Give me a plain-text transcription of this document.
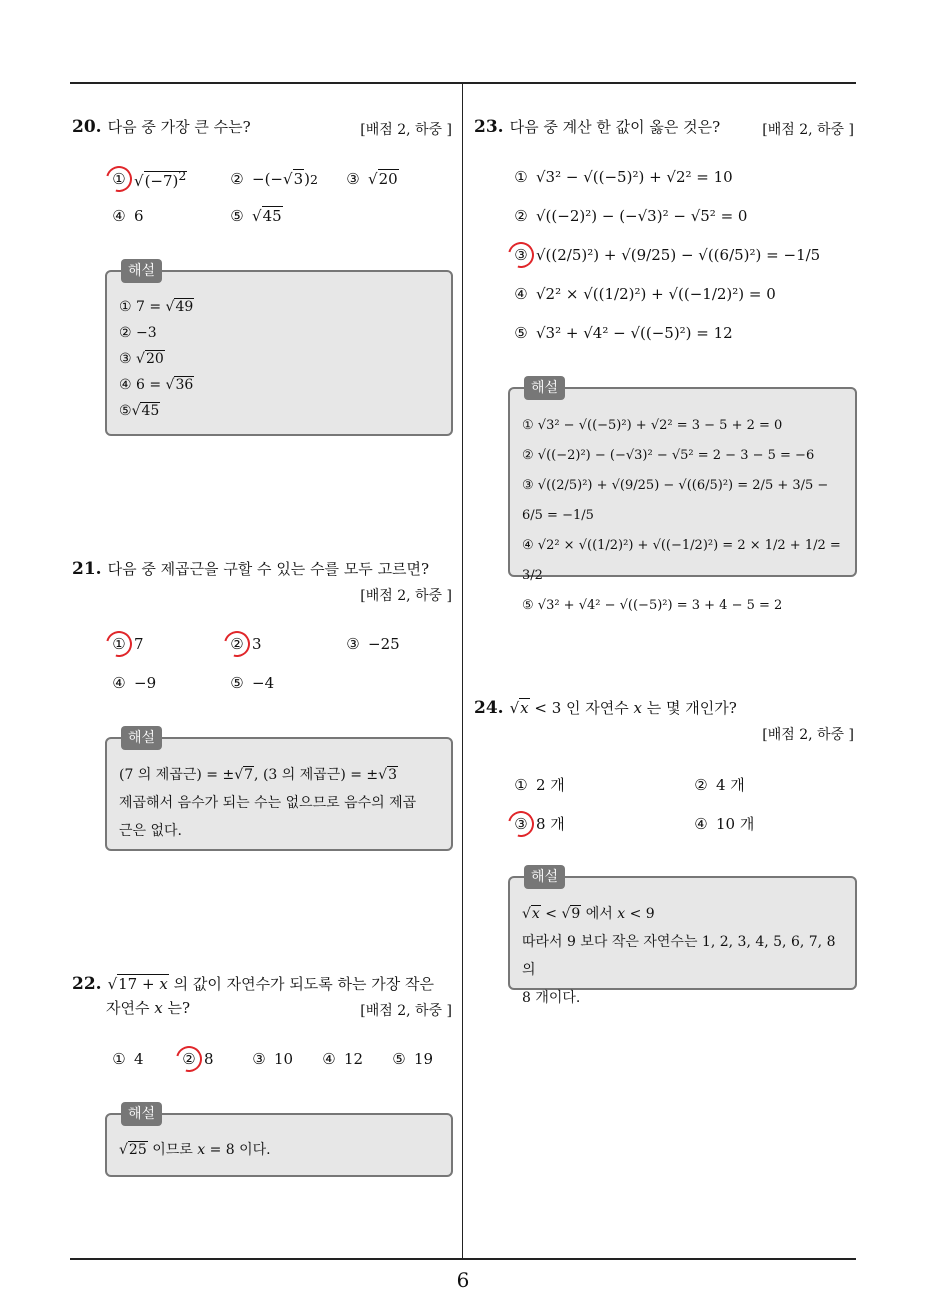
20. 다음 중 가장 큰 수는?	[배점 2, 하중 ]
① $√(-7)^2$	② −(− √3 ) 2 ③ √20
④ 6	⑤ √45
해설
① 7 = √49
② −3
③ √20
④ 6 = √36
⑤√45
21. 다음 중 제곱근을 구할 수 있는 수를 모두 고르면?
[배점 2, 하중 ]
① 7	② 3	③ −25
④ −9	⑤ −4
해설
(7 의 제곱근) = ±√7, (3 의 제곱근) = ±√3
제곱해서 음수가 되는 수는 없으므로 음수의 제곱
근은 없다.
22. √17 + x 의 값이 자연수가 되도록 하는 가장 작은
자연수 x 는?	[배점 2, 하중 ]
① 4	② 8	③ 10 ④ 12 ⑤ 19
해설
√25 이므로 x = 8 이다.
23. 다음 중 계산 한 값이 옳은 것은?	[배점 2, 하중 ]
① √3² − √((−5)²) + √2² = 10
② √((−2)²) − (−√3)² − √5² = 0
③ √((2/5)²) + √(9/25) − √((6/5)²) = −1/5
④ √2² × √((1/2)²) + √((−1/2)²) = 0
⑤ √3² + √4² − √((−5)²) = 12
해설
① √3² − √((−5)²) + √2² = 3 − 5 + 2 = 0
② √((−2)²) − (−√3)² − √5² = 2 − 3 − 5 = −6
③ √((2/5)²) + √(9/25) − √((6/5)²) = 2/5 + 3/5 − 6/5 = −1/5
④ √2² × √((1/2)²) + √((−1/2)²) = 2 × 1/2 + 1/2 = 3/2
⑤ √3² + √4² − √((−5)²) = 3 + 4 − 5 = 2
24. √x < 3 인 자연수 x 는 몇 개인가?
[배점 2, 하중 ]
① 2 개	② 4 개
③ 8 개	④ 10 개
해설
√x < √9 에서 x < 9
따라서 9 보다 작은 자연수는 1, 2, 3, 4, 5, 6, 7, 8 의
8 개이다.
6
